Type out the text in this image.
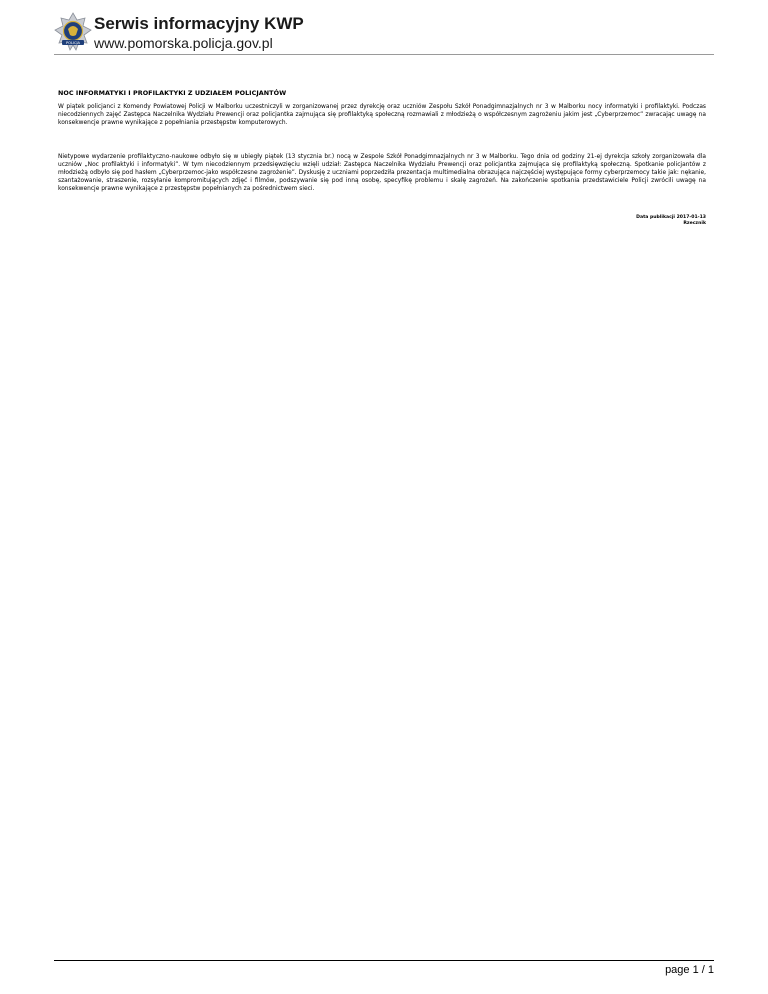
POLICJA
Serwis informacyjny KWP
www.pomorska.policja.gov.pl

NOC INFORMATYKI I PROFILAKTYKI Z UDZIAŁEM POLICJANTÓW

W piątek policjanci z Komendy Powiatowej Policji w Malborku uczestniczyli w zorganizowanej przez dyrekcję oraz uczniów Zespołu Szkół Ponadgimnazjalnych nr 3 w Malborku nocy informatyki i profilaktyki. Podczas niecodziennych zajęć Zastępca Naczelnika Wydziału Prewencji oraz policjantka zajmująca się profilaktyką społeczną rozmawiali z młodzieżą o współczesnym zagrożeniu jakim jest „Cyberprzemoc” zwracając uwagę na konsekwencje prawne wynikające z popełniania przestępstw komputerowych.

Nietypowe wydarzenie profilaktyczno-naukowe odbyło się w ubiegły piątek (13 stycznia br.) nocą w Zespole Szkół Ponadgimnazjalnych nr 3 w Malborku. Tego dnia od godziny 21-ej dyrekcja szkoły zorganizowała dla uczniów „Noc profilaktyki i informatyki”. W tym niecodziennym przedsięwzięciu wzięli udział: Zastępca Naczelnika Wydziału Prewencji oraz policjantka zajmująca się profilaktyką społeczną. Spotkanie policjantów z młodzieżą odbyło się pod hasłem „Cyberprzemoc-jako współczesne zagrożenie”. Dyskusję z uczniami poprzedziła prezentacja multimedialna obrazująca najczęściej występujące formy cyberprzemocy takie jak: nękanie, szantażowanie, straszenie, rozsyłanie kompromitujących zdjęć i filmów, podszywanie się pod inną osobę, specyfikę problemu i skalę zagrożeń. Na zakończenie spotkania przedstawiciele Policji zwrócili uwagę na konsekwencje prawne wynikające z przestępstw popełnianych za pośrednictwem sieci.

Data publikacji 2017-01-13
Rzecznik
page 1 / 1
